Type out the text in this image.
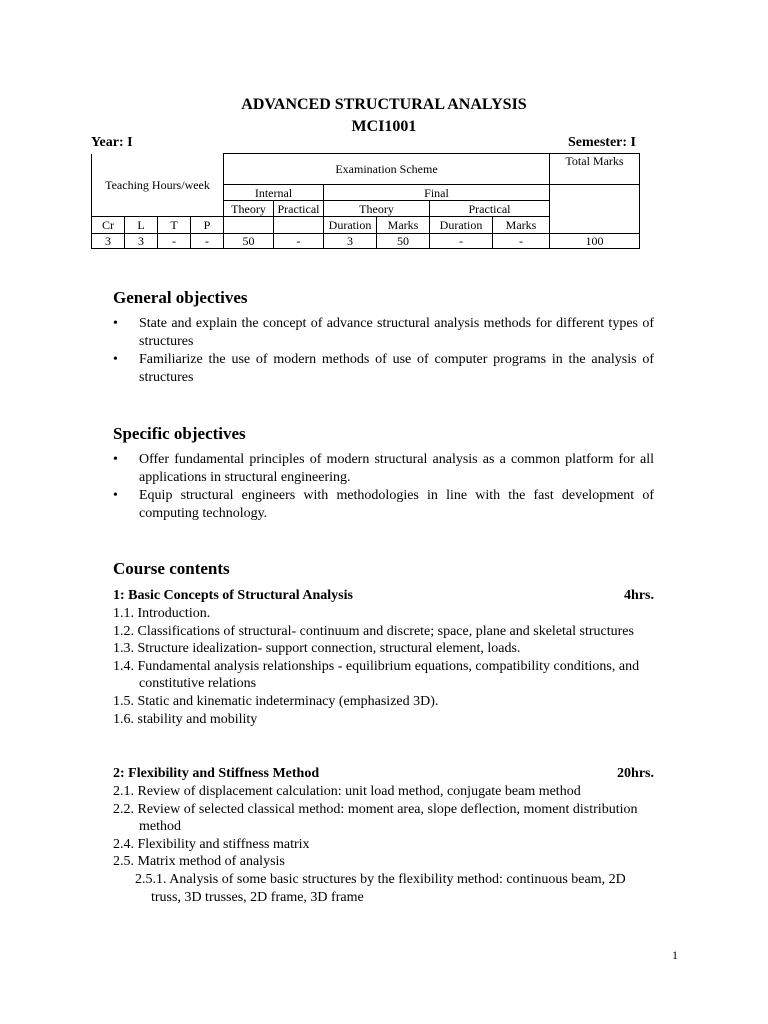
ADVANCED STRUCTURAL ANALYSIS
MCI1001
Year: I	Semester: I
Teaching Hours/week				Examination Scheme						Total Marks
				Internal		Final				
				Theory	Practical	Theory		Practical		
Cr	L	T	P			Duration	Marks	Duration	Marks	
3	3	-	-	50	-	3	50	-	-	100
General objectives
• State and explain the concept of advance structural analysis methods for different types of structures
• Familiarize the use of modern methods of use of computer programs in the analysis of structures
Specific objectives
• Offer fundamental principles of modern structural analysis as a common platform for all applications in structural engineering.
• Equip structural engineers with methodologies in line with the fast development of computing technology.
Course contents
1: Basic Concepts of Structural Analysis	4hrs.
1.1. Introduction.
1.2. Classifications of structural- continuum and discrete; space, plane and skeletal structures
1.3. Structure idealization- support connection, structural element, loads.
1.4. Fundamental analysis relationships - equilibrium equations, compatibility conditions, and constitutive relations
1.5. Static and kinematic indeterminacy (emphasized 3D).
1.6. stability and mobility
2: Flexibility and Stiffness Method	20hrs.
2.1. Review of displacement calculation: unit load method, conjugate beam method
2.2. Review of selected classical method: moment area, slope deflection, moment distribution method
2.4. Flexibility and stiffness matrix
2.5. Matrix method of analysis
2.5.1. Analysis of some basic structures by the flexibility method: continuous beam, 2D truss, 3D trusses, 2D frame, 3D frame
1
